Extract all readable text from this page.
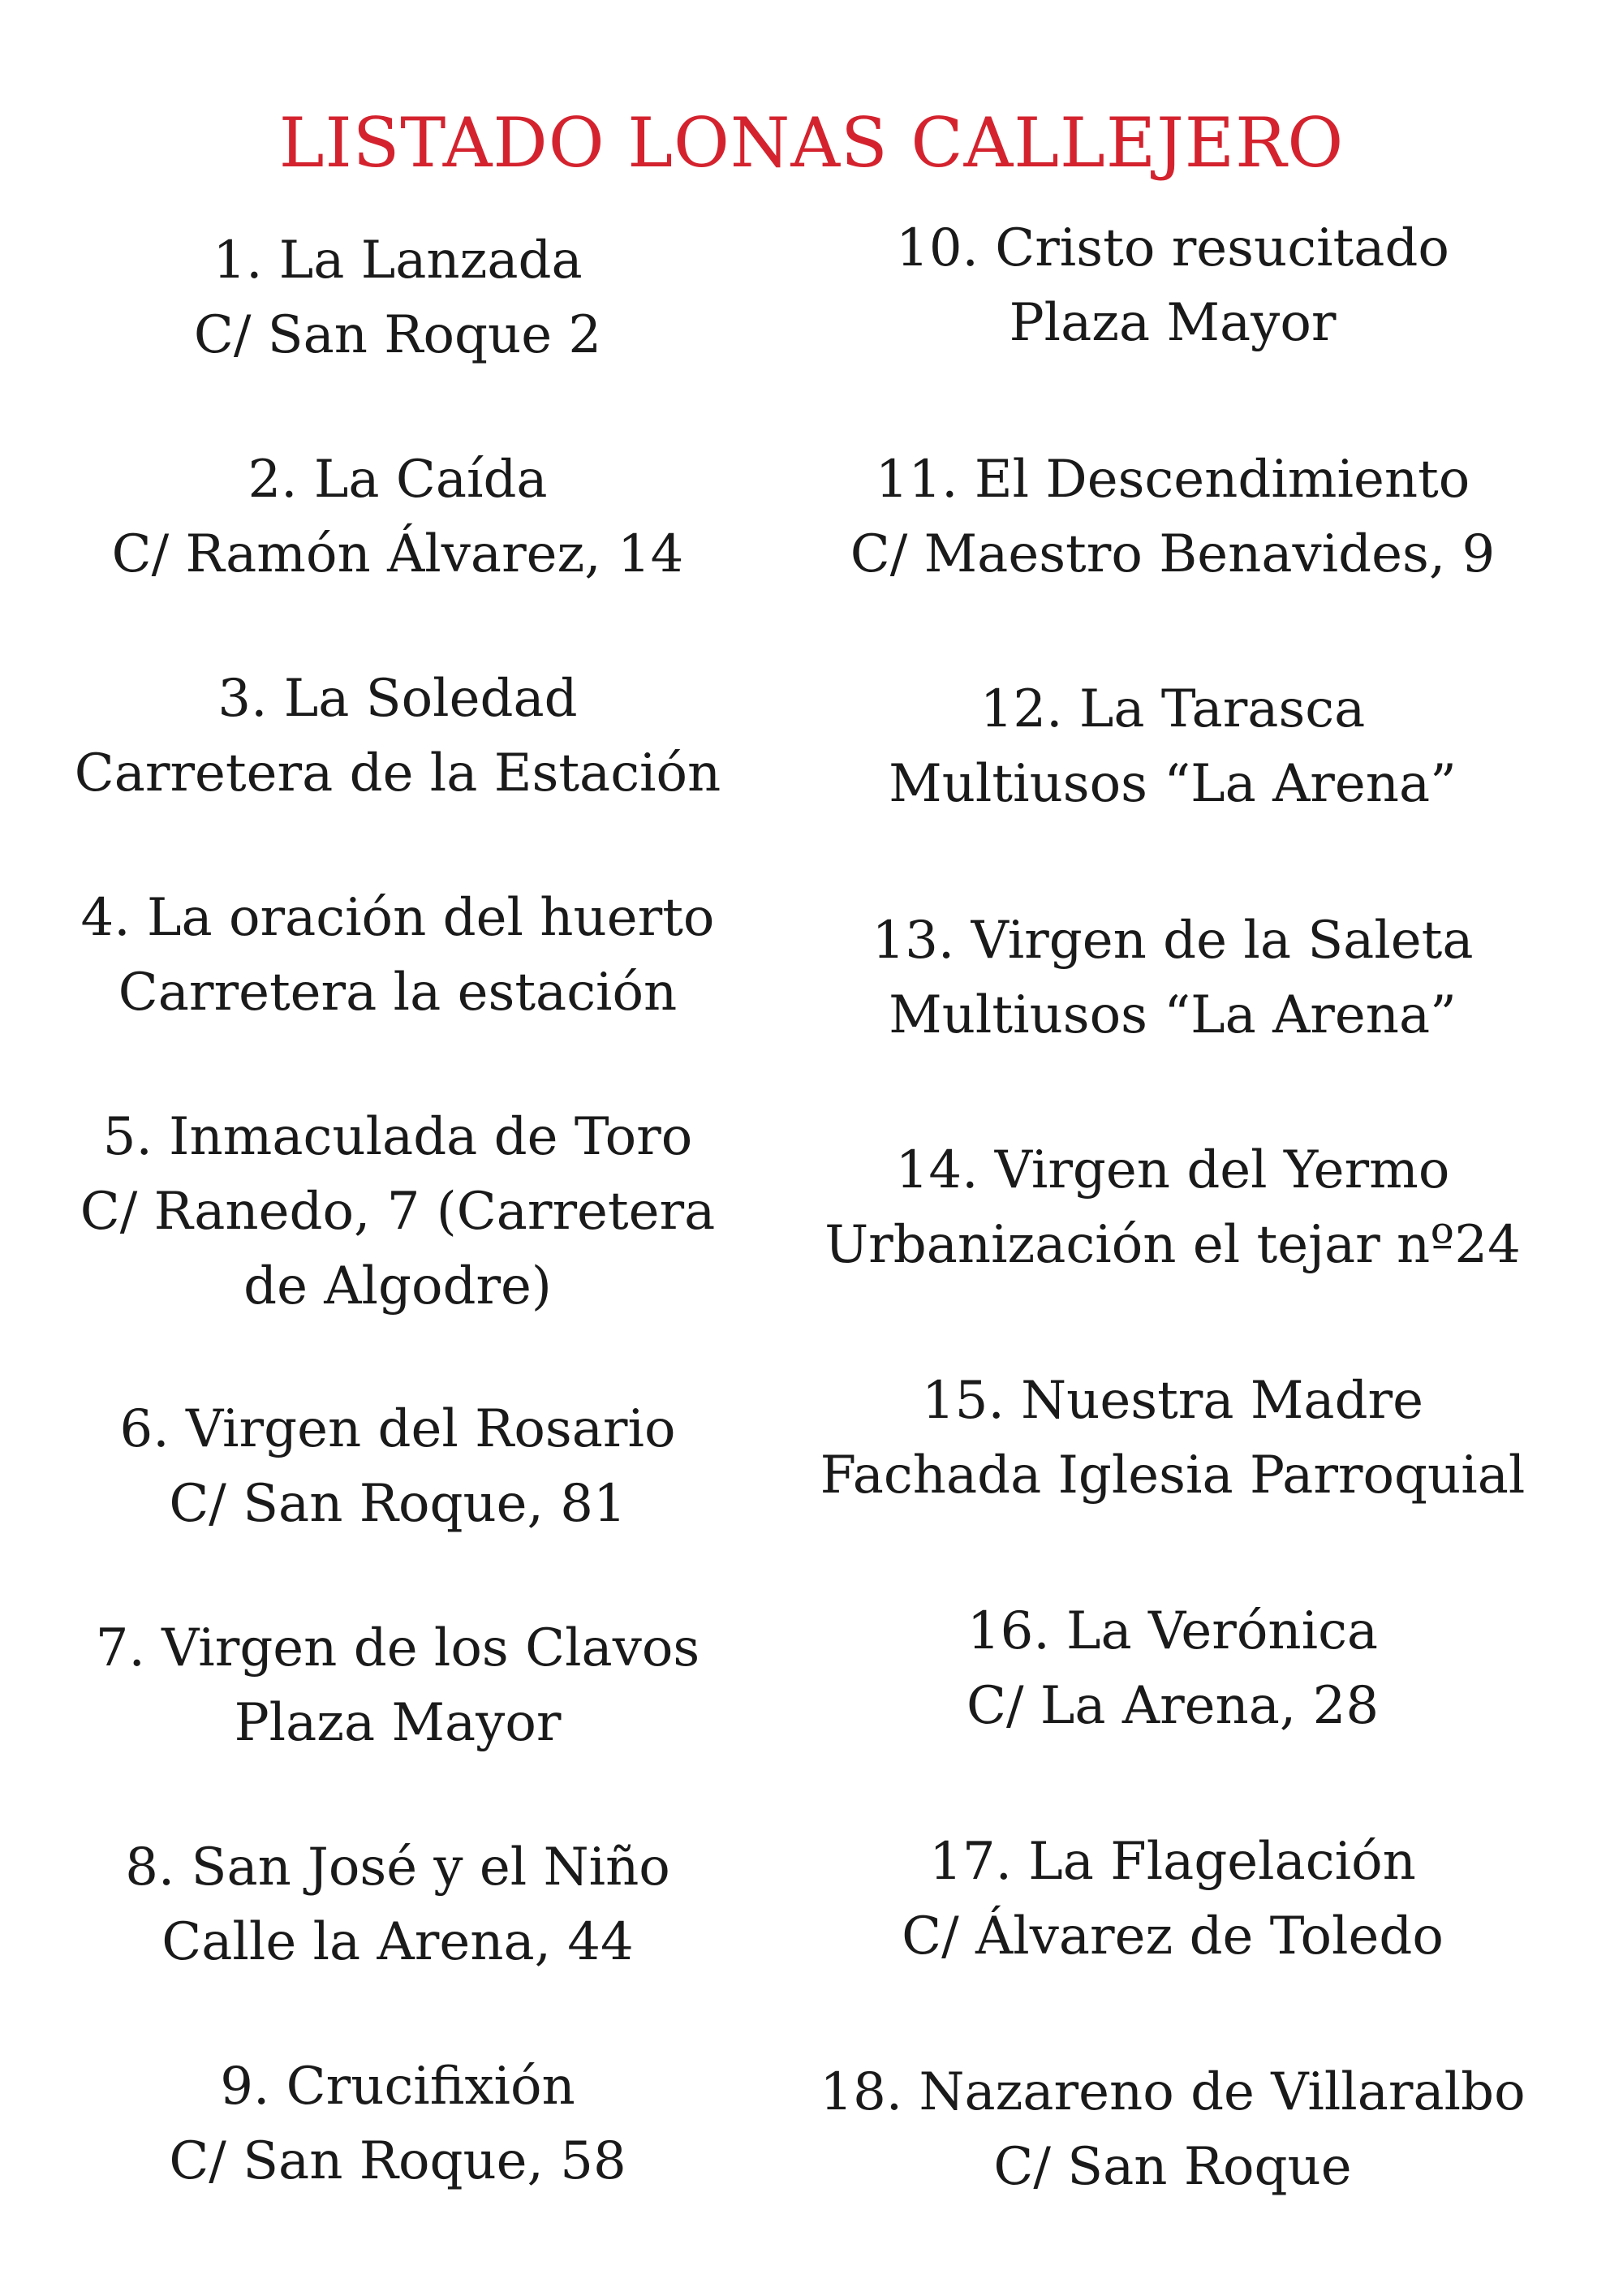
LISTADO LONAS CALLEJERO
1. La Lanzada
C/ San Roque 2
2. La Caída
C/ Ramón Álvarez, 14
3. La Soledad
Carretera de la Estación
4. La oración del huerto
Carretera la estación
5. Inmaculada de Toro
C/ Ranedo, 7 (Carretera
de Algodre)
6. Virgen del Rosario
C/ San Roque, 81
7. Virgen de los Clavos
Plaza Mayor
8. San José y el Niño
Calle la Arena, 44
9. Crucifixión
C/ San Roque, 58
10. Cristo resucitado
Plaza Mayor
11. El Descendimiento
C/ Maestro Benavides, 9
12. La Tarasca
Multiusos “La Arena”
13. Virgen de la Saleta
Multiusos “La Arena”
14. Virgen del Yermo
Urbanización el tejar nº24
15. Nuestra Madre
Fachada Iglesia Parroquial
16. La Verónica
C/ La Arena, 28
17. La Flagelación
C/ Álvarez de Toledo
18. Nazareno de Villaralbo
C/ San Roque
